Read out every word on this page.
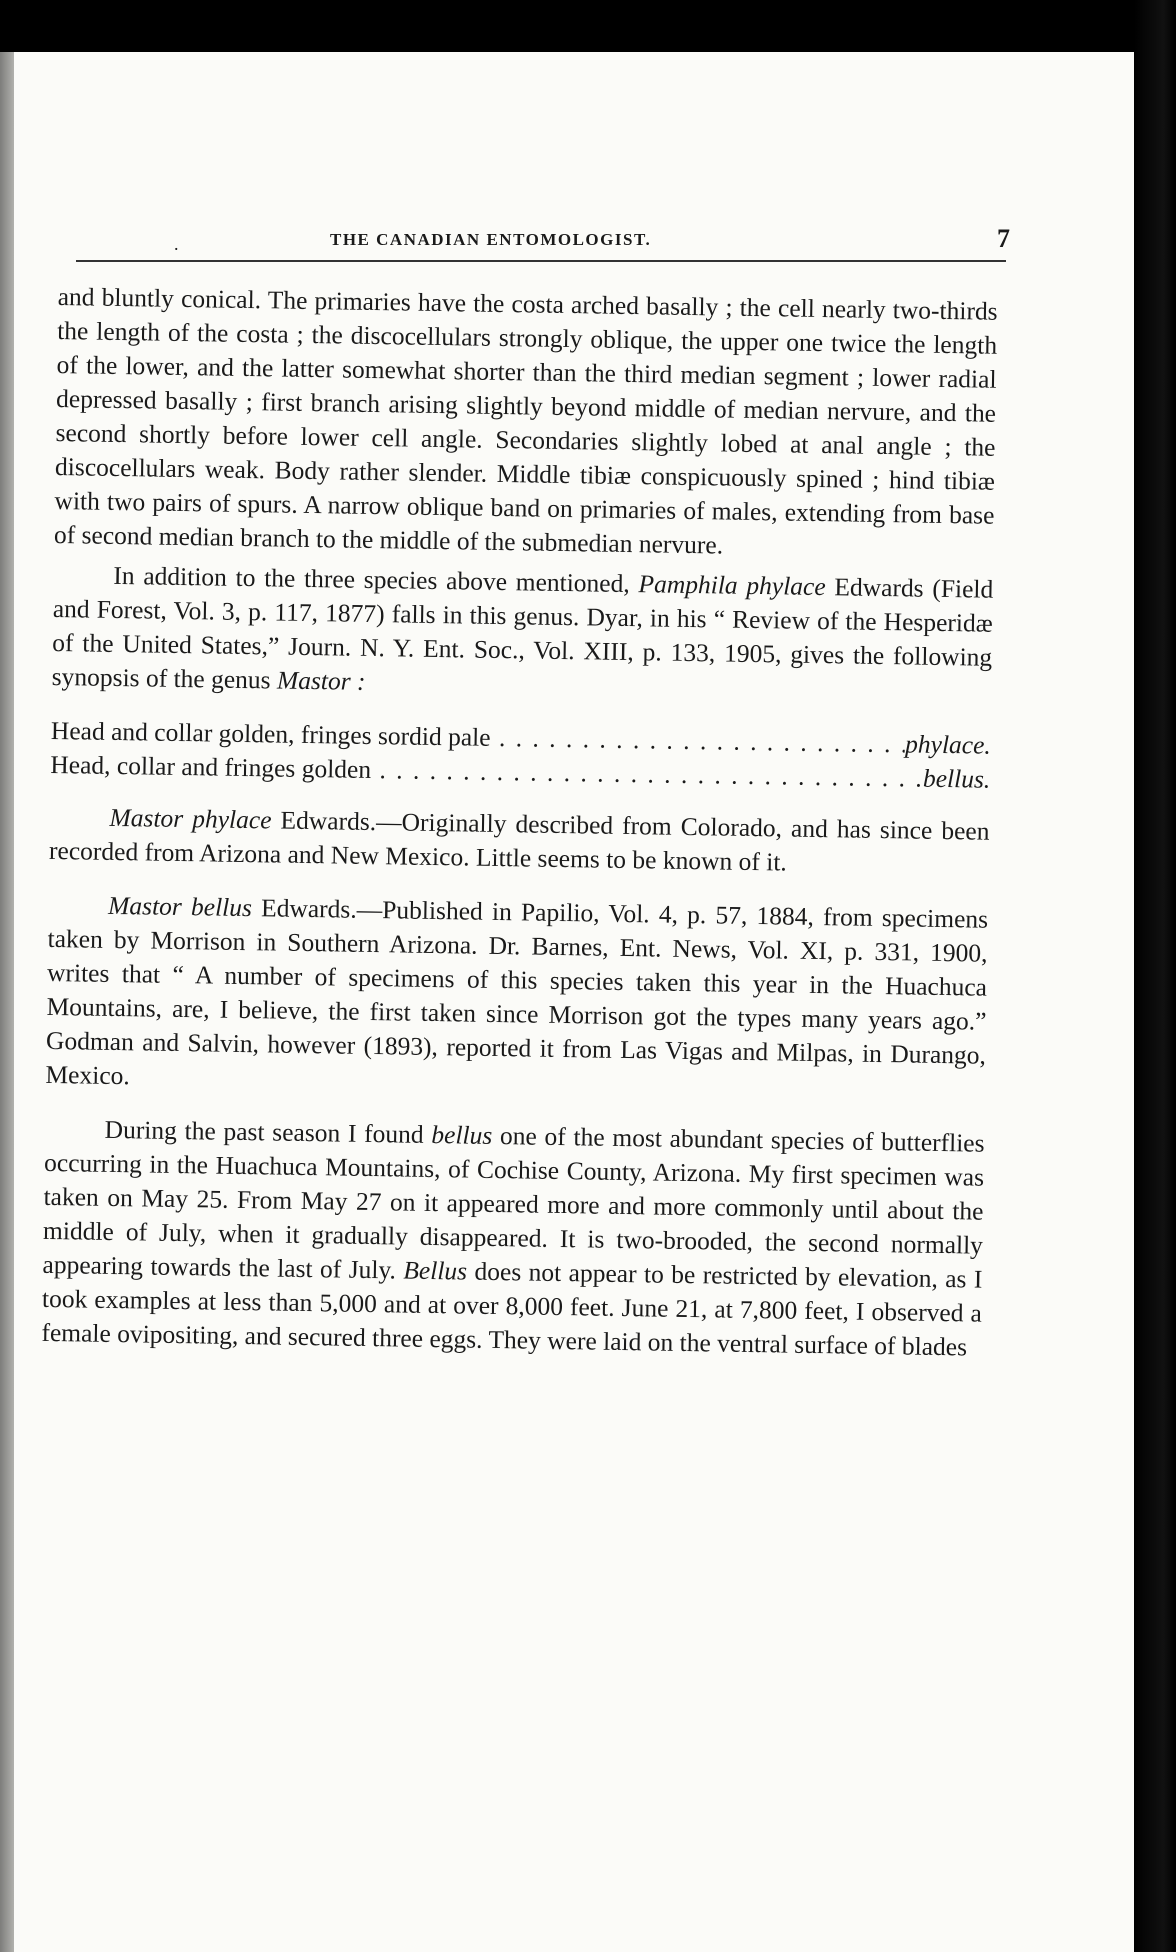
.	THE CANADIAN ENTOMOLOGIST.	7

and bluntly conical. The primaries have the costa arched basally ; the cell nearly two-thirds the length of the costa ; the discocellulars strongly oblique, the upper one twice the length of the lower, and the latter somewhat shorter than the third median segment ; lower radial depressed basally ; first branch arising slightly beyond middle of median nervure, and the second shortly before lower cell angle. Secondaries slightly lobed at anal angle ; the discocellulars weak. Body rather slender. Middle tibiæ conspicuously spined ; hind tibiæ with two pairs of spurs. A narrow oblique band on primaries of males, extending from base of second median branch to the middle of the submedian nervure.

In addition to the three species above mentioned, Pamphila phylace Edwards (Field and Forest, Vol. 3, p. 117, 1877) falls in this genus. Dyar, in his “ Review of the Hesperidæ of the United States,” Journ. N. Y. Ent. Soc., Vol. XIII, p. 133, 1905, gives the following synopsis of the genus Mastor :

Head and collar golden, fringes sordid pale . . .	phylace.
Head, collar and fringes golden . . .	bellus.

Mastor phylace Edwards.—Originally described from Colorado, and has since been recorded from Arizona and New Mexico. Little seems to be known of it.

Mastor bellus Edwards.—Published in Papilio, Vol. 4, p. 57, 1884, from specimens taken by Morrison in Southern Arizona. Dr. Barnes, Ent. News, Vol. XI, p. 331, 1900, writes that “ A number of specimens of this species taken this year in the Huachuca Mountains, are, I believe, the first taken since Morrison got the types many years ago.” Godman and Salvin, however (1893), reported it from Las Vigas and Milpas, in Durango, Mexico.

During the past season I found bellus one of the most abundant species of butterflies occurring in the Huachuca Mountains, of Cochise County, Arizona. My first specimen was taken on May 25. From May 27 on it appeared more and more commonly until about the middle of July, when it gradually disappeared. It is two-brooded, the second normally appearing towards the last of July. Bellus does not appear to be restricted by elevation, as I took examples at less than 5,000 and at over 8,000 feet. June 21, at 7,800 feet, I observed a female ovipositing, and secured three eggs. They were laid on the ventral surface of blades
